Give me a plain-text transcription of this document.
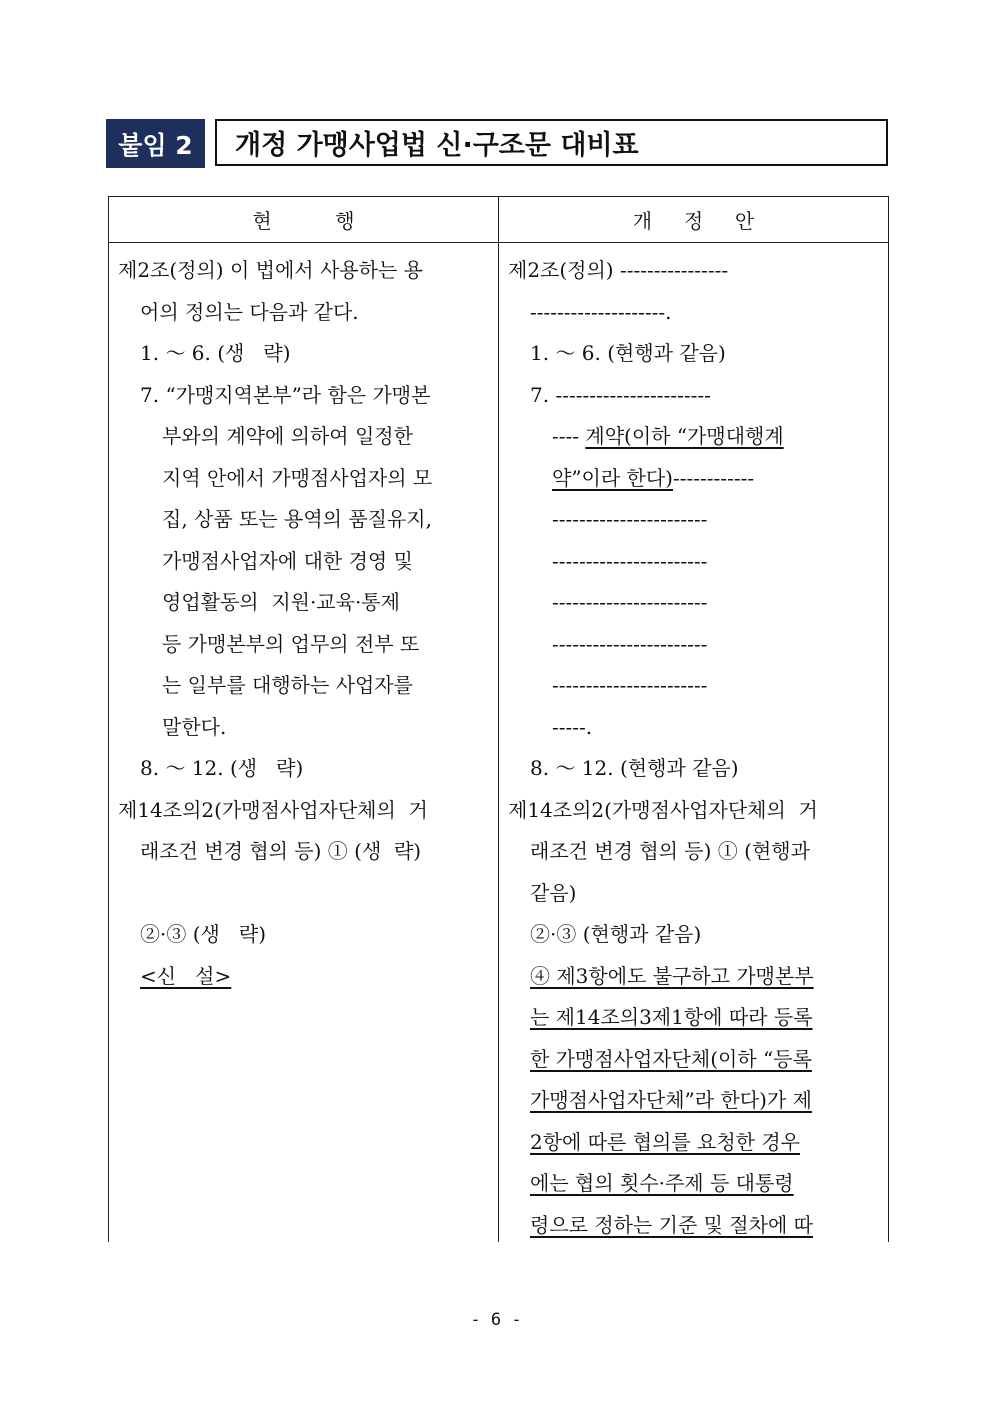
붙임 2	개정 가맹사업법 신·구조문 대비표
현          행	개     정     안
제2조(정의) 이 법에서 사용하는 용
어의 정의는 다음과 같다.
1. ～ 6. (생   략)
7. “가맹지역본부”라 함은 가맹본
부와의 계약에 의하여 일정한
지역 안에서 가맹점사업자의 모
집, 상품 또는 용역의 품질유지,
가맹점사업자에 대한 경영 및
영업활동의  지원·교육·통제
등 가맹본부의 업무의 전부 또
는 일부를 대행하는 사업자를
말한다.
8. ～ 12. (생   략)
제14조의2(가맹점사업자단체의  거
래조건 변경 협의 등) ① (생  략)
②·③ (생   략)
<신   설>
제2조(정의) ----------------
--------------------.
1. ～ 6. (현행과 같음)
7. -----------------------
---- 계약(이하 “가맹대행계
약”이라 한다)------------
-----------------------
-----------------------
-----------------------
-----------------------
-----------------------
-----.
8. ～ 12. (현행과 같음)
제14조의2(가맹점사업자단체의  거
래조건 변경 협의 등) ① (현행과
같음)
②·③ (현행과 같음)
④ 제3항에도 불구하고 가맹본부
는 제14조의3제1항에 따라 등록
한 가맹점사업자단체(이하 “등록
가맹점사업자단체”라 한다)가 제
2항에 따른 협의를 요청한 경우
에는 협의 횟수·주제 등 대통령
령으로 정하는 기준 및 절차에 따
- 6 -
